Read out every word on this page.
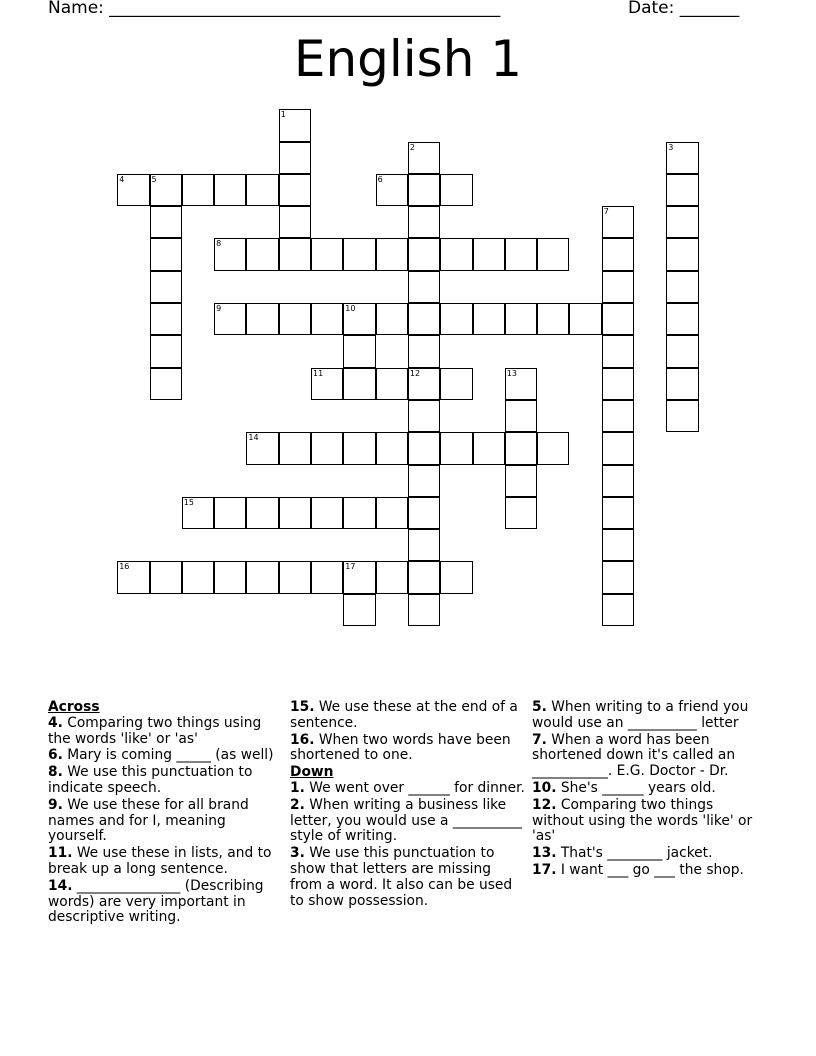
Name: ______________________________________________	Date: _______
English 1
1
2
12
3
4	5	6
8
7
9	10
11	13
14
15
16	17
Across
4. Comparing two things using the words 'like' or 'as'
6. Mary is coming _____ (as well)
8. We use this punctuation to indicate speech.
9. We use these for all brand names and for I, meaning yourself.
11. We use these in lists, and to break up a long sentence.
14. _______________ (Describing words) are very important in descriptive writing.
15. We use these at the end of a sentence.
16. When two words have been shortened to one.
Down
1. We went over ______ for dinner.
2. When writing a business like letter, you would use a __________ style of writing.
3. We use this punctuation to show that letters are missing from a word. It also can be used to show possession.
5. When writing to a friend you would use an __________ letter
7. When a word has been shortened down it's called an ___________. E.G. Doctor - Dr.
10. She's ______ years old.
12. Comparing two things without using the words 'like' or 'as'
13. That's ________ jacket.
17. I want ___ go ___ the shop.
